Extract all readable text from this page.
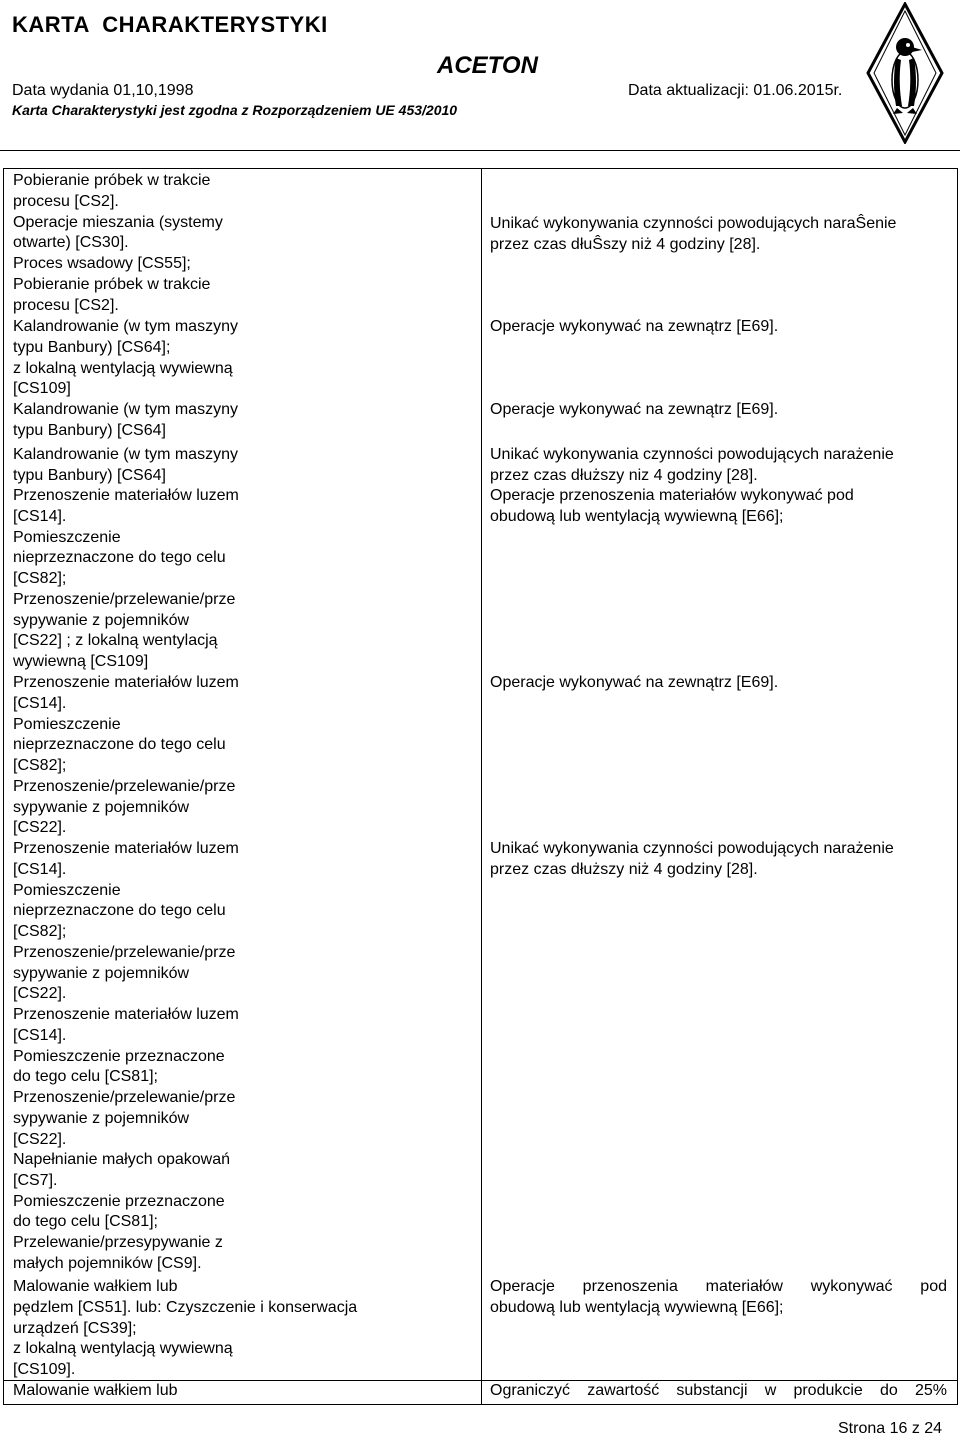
KARTA  CHARAKTERYSTYKI
ACETON
Data wydania 01,10,1998	Data aktualizacji: 01.06.2015r.
Karta Charakterystyki jest zgodna z Rozporządzeniem UE 453/2010
Pobieranie próbek w trakcie
procesu [CS2].
Operacje mieszania (systemy
otwarte) [CS30].
Proces wsadowy [CS55];
Pobieranie próbek w trakcie
procesu [CS2].
Unikać wykonywania czynności powodujących naraŜenie
przez czas dłuŜszy niż 4 godziny [28].
Kalandrowanie (w tym maszyny
typu Banbury) [CS64];
z lokalną wentylacją wywiewną
[CS109]
Operacje wykonywać na zewnątrz [E69].
Kalandrowanie (w tym maszyny
typu Banbury) [CS64]
Operacje wykonywać na zewnątrz [E69].
Kalandrowanie (w tym maszyny
typu Banbury) [CS64]
Unikać wykonywania czynności powodujących narażenie
przez czas dłuższy niz 4 godziny [28].
Przenoszenie materiałów luzem
[CS14].
Pomieszczenie
nieprzeznaczone do tego celu
[CS82];
Przenoszenie/przelewanie/prze
sypywanie z pojemników
[CS22] ; z lokalną wentylacją
wywiewną [CS109]
Operacje przenoszenia materiałów wykonywać pod
obudową lub wentylacją wywiewną [E66];
Przenoszenie materiałów luzem
[CS14].
Pomieszczenie
nieprzeznaczone do tego celu
[CS82];
Przenoszenie/przelewanie/prze
sypywanie z pojemników
[CS22].
Operacje wykonywać na zewnątrz [E69].
Przenoszenie materiałów luzem
[CS14].
Pomieszczenie
nieprzeznaczone do tego celu
[CS82];
Przenoszenie/przelewanie/prze
sypywanie z pojemników
[CS22].
Unikać wykonywania czynności powodujących narażenie
przez czas dłuższy niż 4 godziny [28].
Przenoszenie materiałów luzem
[CS14].
Pomieszczenie przeznaczone
do tego celu [CS81];
Przenoszenie/przelewanie/prze
sypywanie z pojemników
[CS22].
Napełnianie małych opakowań
[CS7].
Pomieszczenie przeznaczone
do tego celu [CS81];
Przelewanie/przesypywanie z
małych pojemników [CS9].
Malowanie wałkiem lub
pędzlem [CS51]. lub: Czyszczenie i konserwacja
urządzeń [CS39];
z lokalną wentylacją wywiewną
[CS109].
Operacje przenoszenia materiałów wykonywać pod
obudową lub wentylacją wywiewną [E66];
Malowanie wałkiem lub	Ograniczyć zawartość substancji w produkcie do 25%
Strona 16 z 24
